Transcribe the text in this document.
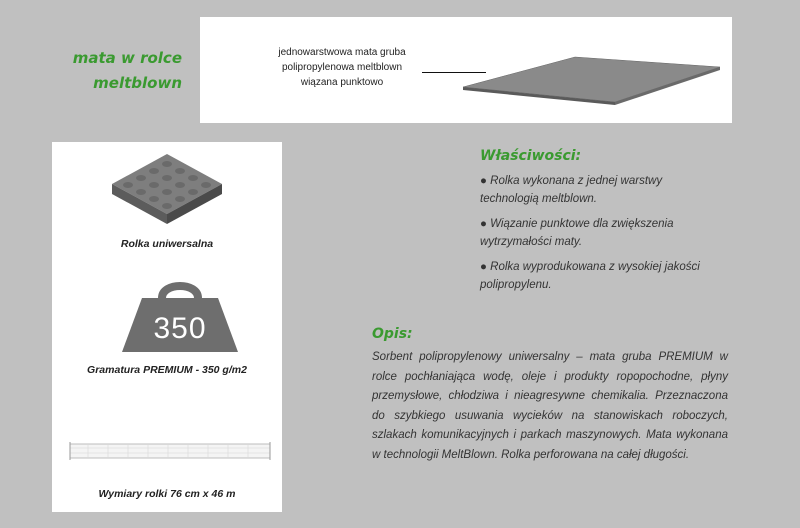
mata w rolce
meltblown
jednowarstwowa mata gruba
polipropylenowa meltblown
wiązana punktowo
Rolka uniwersalna
350
Gramatura PREMIUM - 350 g/m2
Wymiary rolki 76 cm x 46 m
Właściwości:
● Rolka wykonana z jednej warstwy technologią meltblown.
● Wiązanie punktowe dla zwiększenia wytrzymałości maty.
● Rolka wyprodukowana z wysokiej jakości polipropylenu.
Opis:
Sorbent polipropylenowy uniwersalny – mata gruba PREMIUM w rolce pochłaniająca wodę, oleje i produkty ropopochodne, płyny przemysłowe, chłodziwa i nieagresywne chemikalia. Przeznaczona do szybkiego usuwania wycieków na stanowiskach roboczych, szlakach komunikacyjnych i parkach maszynowych. Mata wykonana w technologii MeltBlown. Rolka perforowana na całej długości.
